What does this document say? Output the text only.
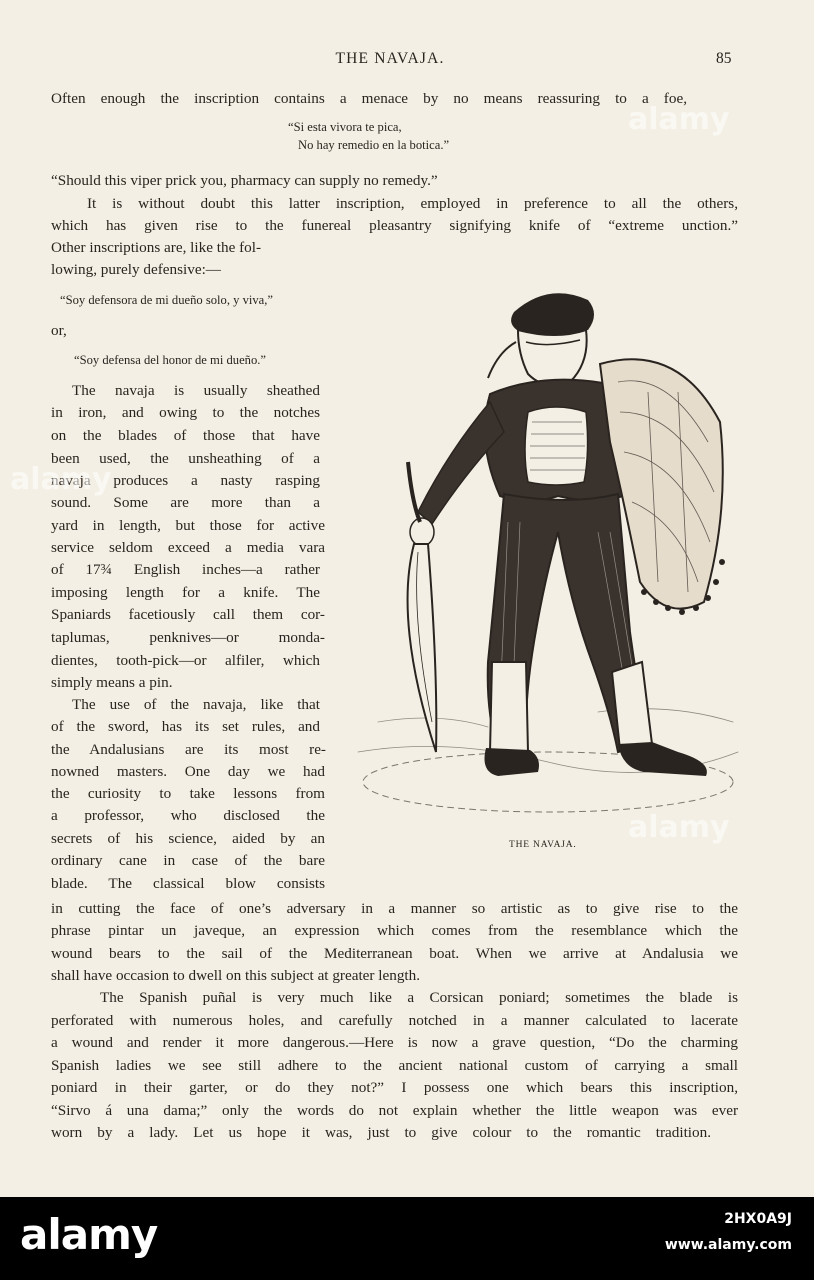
THE NAVAJA.	85
Often enough the inscription contains a menace by no means reassuring to a foe,
“Si esta vivora te pica,
No hay remedio en la botica.”
“Should this viper prick you, pharmacy can supply no remedy.”
It is without doubt this latter inscription, employed in preference to all the others,
which has given rise to the funereal pleasantry signifying knife of “extreme unction.”
Other inscriptions are, like the fol-
lowing, purely defensive:—
“Soy defensora de mi dueño solo, y viva,”
or,
“Soy defensa del honor de mi dueño.”
The navaja is usually sheathed
in iron, and owing to the notches
on the blades of those that have
been used, the unsheathing of a
navaja produces a nasty rasping
sound. Some are more than a
yard in length, but those for active
service seldom exceed a media vara
of 17¾ English inches—a rather
imposing length for a knife. The
Spaniards facetiously call them cor-
taplumas, penknives—or monda-
dientes, tooth-pick—or alfiler, which
simply means a pin.
The use of the navaja, like that
of the sword, has its set rules, and
the Andalusians are its most re-
nowned masters. One day we had
the curiosity to take lessons from
a professor, who disclosed the
secrets of his science, aided by an
ordinary cane in case of the bare
blade. The classical blow consists
THE NAVAJA.
in cutting the face of one’s adversary in a manner so artistic as to give rise to the
phrase pintar un javeque, an expression which comes from the resemblance which the
wound bears to the sail of the Mediterranean boat. When we arrive at Andalusia we
shall have occasion to dwell on this subject at greater length.
The Spanish puñal is very much like a Corsican poniard; sometimes the blade is
perforated with numerous holes, and carefully notched in a manner calculated to lacerate
a wound and render it more dangerous.—Here is now a grave question, “Do the charming
Spanish ladies we see still adhere to the ancient national custom of carrying a small
poniard in their garter, or do they not?” I possess one which bears this inscription,
“Sirvo á una dama;” only the words do not explain whether the little weapon was ever
worn by a lady. Let us hope it was, just to give colour to the romantic tradition.
alamy
alamy
alamy
alamy	2HX0A9J
www.alamy.com
